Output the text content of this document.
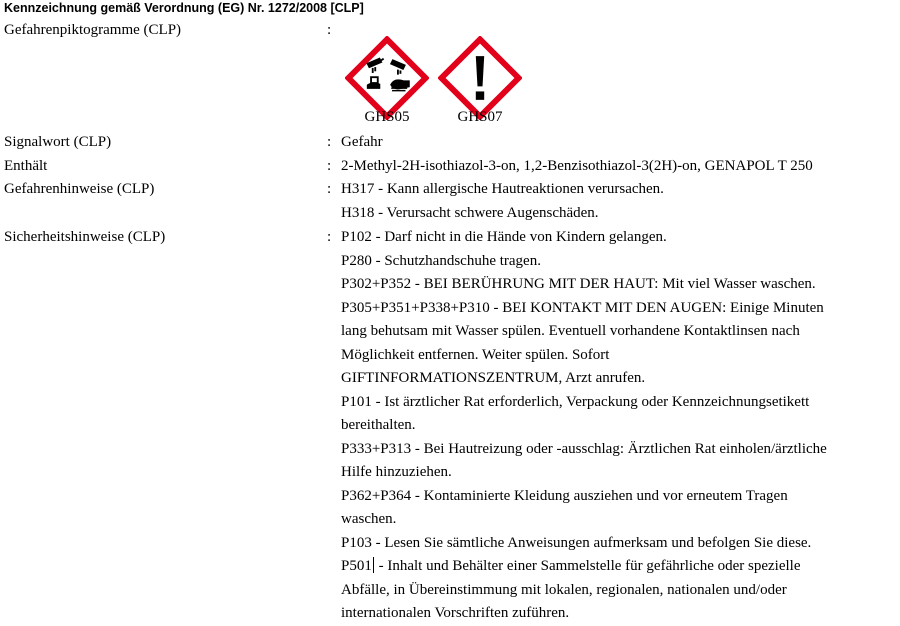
Kennzeichnung gemäß Verordnung (EG) Nr. 1272/2008 [CLP]
Gefahrenpiktogramme (CLP)	:
GHS05	GHS07
Signalwort (CLP)	: Gefahr
Enthält	: 2-Methyl-2H-isothiazol-3-on, 1,2-Benzisothiazol-3(2H)-on, GENAPOL T 250
Gefahrenhinweise (CLP)	: H317 - Kann allergische Hautreaktionen verursachen.
H318 - Verursacht schwere Augenschäden.
Sicherheitshinweise (CLP)	: P102 - Darf nicht in die Hände von Kindern gelangen.
P280 - Schutzhandschuhe tragen.
P302+P352 - BEI BERÜHRUNG MIT DER HAUT: Mit viel Wasser waschen.
P305+P351+P338+P310 - BEI KONTAKT MIT DEN AUGEN: Einige Minuten
lang behutsam mit Wasser spülen. Eventuell vorhandene Kontaktlinsen nach
Möglichkeit entfernen. Weiter spülen. Sofort
GIFTINFORMATIONSZENTRUM, Arzt anrufen.
P101 - Ist ärztlicher Rat erforderlich, Verpackung oder Kennzeichnungsetikett
bereithalten.
P333+P313 - Bei Hautreizung oder -ausschlag: Ärztlichen Rat einholen/ärztliche
Hilfe hinzuziehen.
P362+P364 - Kontaminierte Kleidung ausziehen und vor erneutem Tragen
waschen.
P103 - Lesen Sie sämtliche Anweisungen aufmerksam und befolgen Sie diese.
P501 - Inhalt und Behälter einer Sammelstelle für gefährliche oder spezielle
Abfälle, in Übereinstimmung mit lokalen, regionalen, nationalen und/oder
internationalen Vorschriften zuführen.
